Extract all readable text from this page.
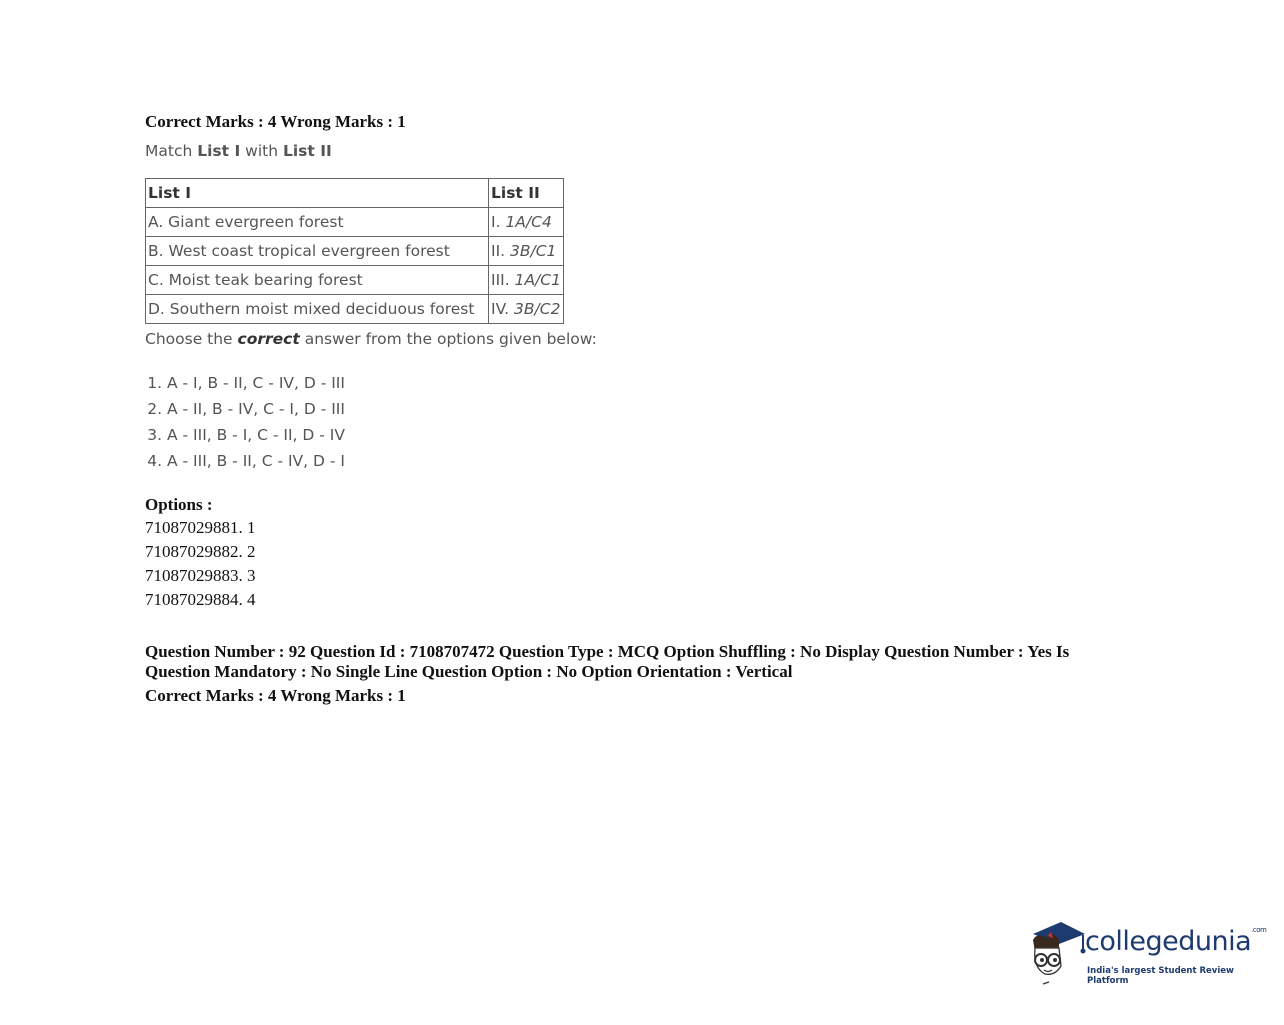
Correct Marks : 4 Wrong Marks : 1

Match List I with List II
List I	List II
A. Giant evergreen forest	I. 1A/C4
B. West coast tropical evergreen forest	II. 3B/C1
C. Moist teak bearing forest	III. 1A/C1
D. Southern moist mixed deciduous forest	IV. 3B/C2
Choose the correct answer from the options given below:
1. A - I, B - II, C - IV, D - III
2. A - II, B - IV, C - I, D - III
3. A - III, B - I, C - II, D - IV
4. A - III, B - II, C - IV, D - I
Options :
71087029881. 1
71087029882. 2
71087029883. 3
71087029884. 4
Question Number : 92 Question Id : 7108707472 Question Type : MCQ Option Shuffling : No Display Question Number : Yes Is Question Mandatory : No Single Line Question Option : No Option Orientation : Vertical
Correct Marks : 4 Wrong Marks : 1
collegedunia$^{.com}$
India's largest Student Review Platform
